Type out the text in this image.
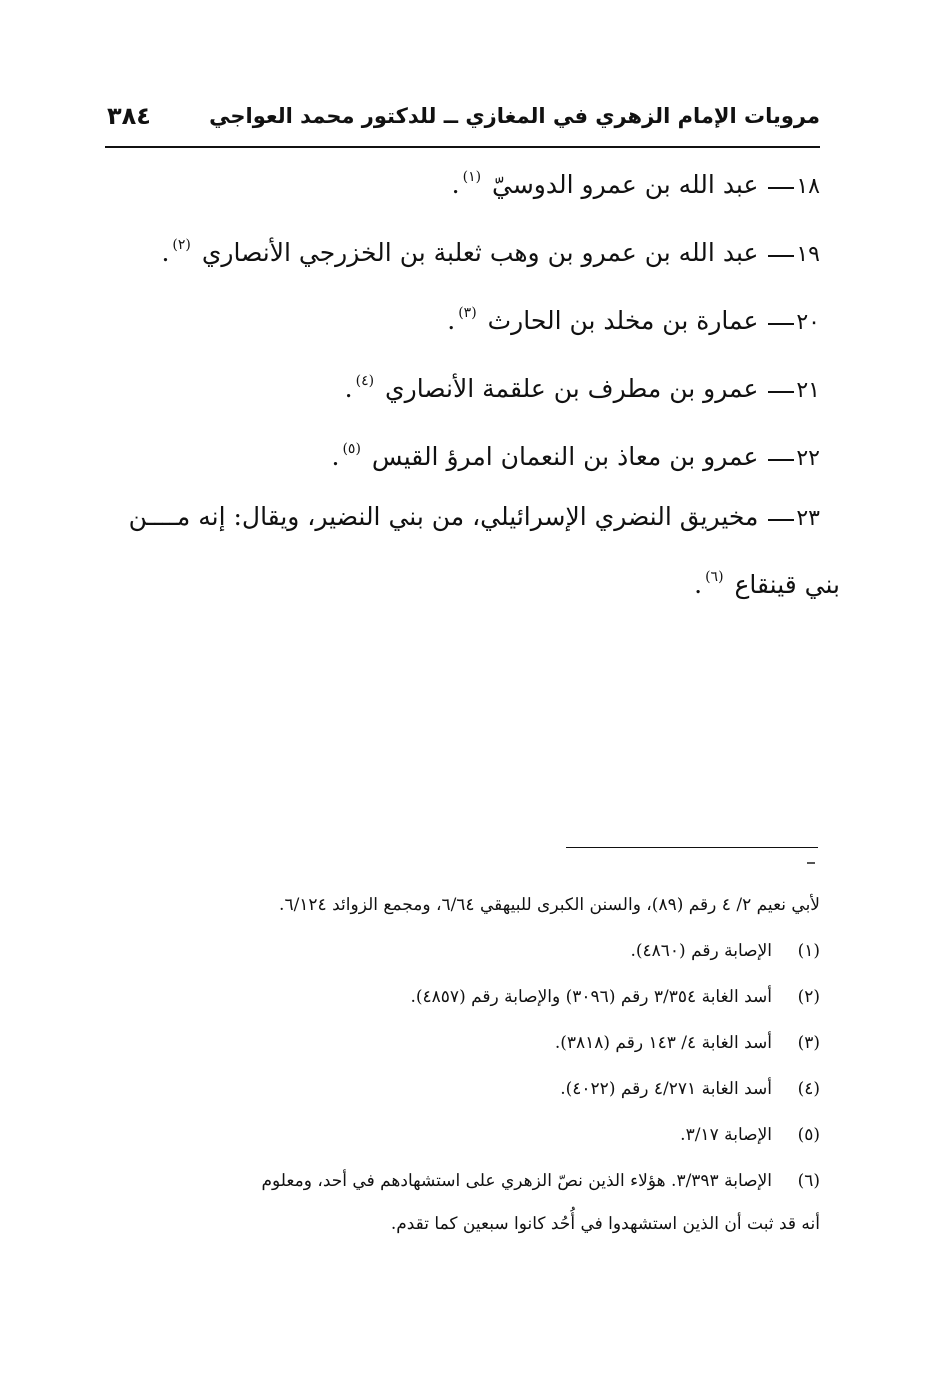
مرويات الإمام الزهري في المغازي ــ للدكتور محمد العواجي
٣٨٤
١٨ عبد الله بن عمرو الدوسيّ $^{(١)}$.
١٩ عبد الله بن عمرو بن وهب ثعلبة بن الخزرجي الأنصاري $^{(٢)}$.
٢٠ عمارة بن مخلد بن الحارث $^{(٣)}$.
٢١ عمرو بن مطرف بن علقمة الأنصاري $^{(٤)}$.
٢٢ عمرو بن معاذ بن النعمان امرؤ القيس $^{(٥)}$.
٢٣ مخيريق النضري الإسرائيلي، من بني النضير، ويقال: إنه مــــن
بني قينقاع $^{(٦)}$.
لأبي نعيم ٢/ ٤ رقم (٨٩)، والسنن الكبرى للبيهقي ٦/٦٤، ومجمع الزوائد ٦/١٢٤.
(١)الإصابة رقم (٤٨٦٠).
(٢)أسد الغابة ٣/٣٥٤ رقم (٣٠٩٦) والإصابة رقم (٤٨٥٧).
(٣)أسد الغابة ٤/ ١٤٣ رقم (٣٨١٨).
(٤)أسد الغابة ٤/٢٧١ رقم (٤٠٢٢).
(٥)الإصابة ٣/١٧.
(٦)الإصابة ٣/٣٩٣. هؤلاء الذين نصّ الزهري على استشهادهم في أحد، ومعلوم
أنه قد ثبت أن الذين استشهدوا في أُحُد كانوا سبعين كما تقدم.
